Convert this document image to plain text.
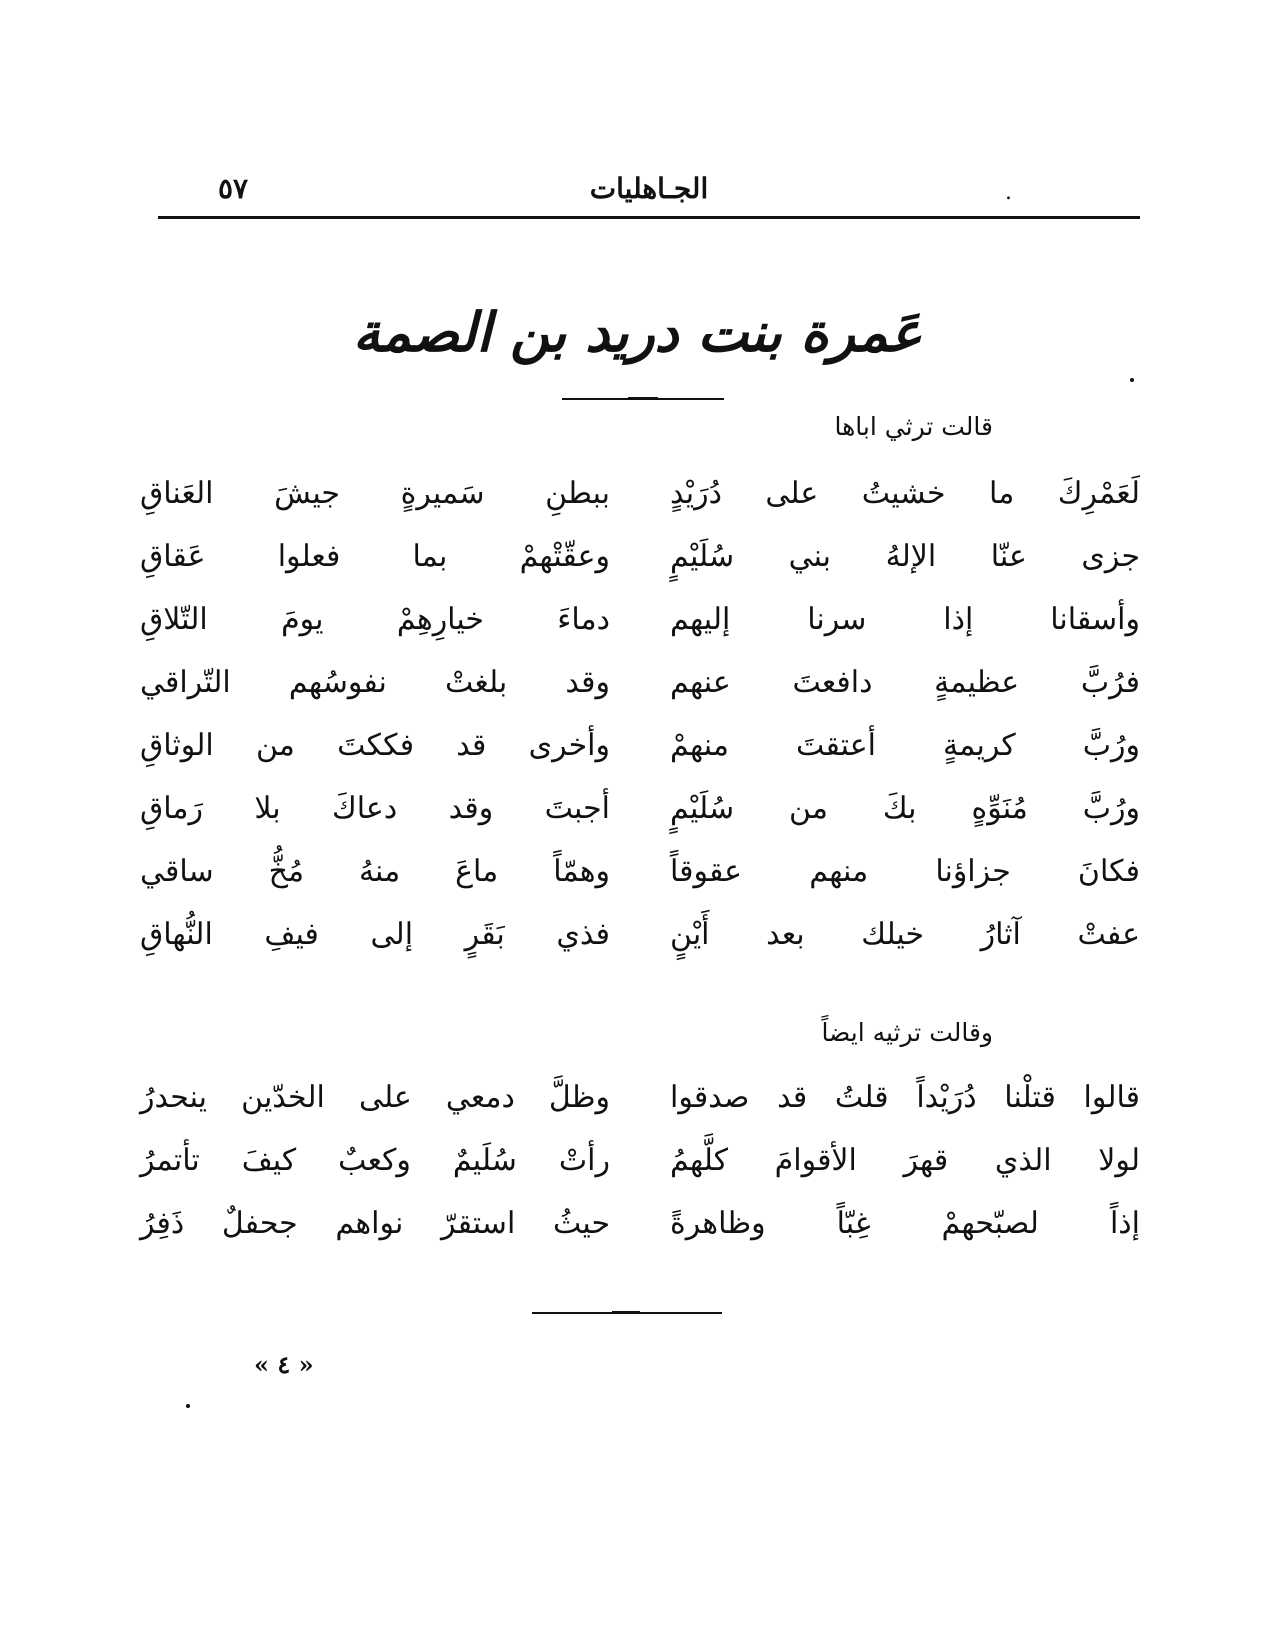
٥٧	الجـاهليات	.
عَمرة بنت دريد بن الصمة
قالت ترثي اباها
لَعَمْرِكَ ما خشيتُ على دُرَيْدٍ
ببطنِ سَميرةٍ جيشَ العَناقِ
جزى عنّا الإلهُ بني سُلَيْمٍ
وعقّتْهمْ بما فعلوا عَقاقِ
وأسقانا إذا سرنا إليهم
دماءَ خيارِهِمْ يومَ التّلاقِ
فرُبَّ عظيمةٍ دافعتَ عنهم
وقد بلغتْ نفوسُهم التّراقي
ورُبَّ كريمةٍ أعتقتَ منهمْ
وأخرى قد فككتَ من الوثاقِ
ورُبَّ مُنَوِّهٍ بكَ من سُلَيْمٍ
أجبتَ وقد دعاكَ بلا رَماقِ
فكانَ جزاؤنا منهم عقوقاً
وهمّاً ماعَ منهُ مُخُّ ساقي
عفتْ آثارُ خيلك بعد أَيْنٍ
فذي بَقَرٍ إلى فيفِ النُّهاقِ
وقالت ترثيه ايضاً
قالوا قتلْنا دُرَيْداً قلتُ قد صدقوا
وظلَّ دمعي على الخدّين ينحدرُ
لولا الذي قهرَ الأقوامَ كلَّهمُ
رأتْ سُلَيمٌ وكعبٌ كيفَ تأتمرُ
إذاً لصبّحهمْ غِبّاً وظاهرةً
حيثُ استقرّ نواهم جحفلٌ ذَفِرُ
« ٤ »
